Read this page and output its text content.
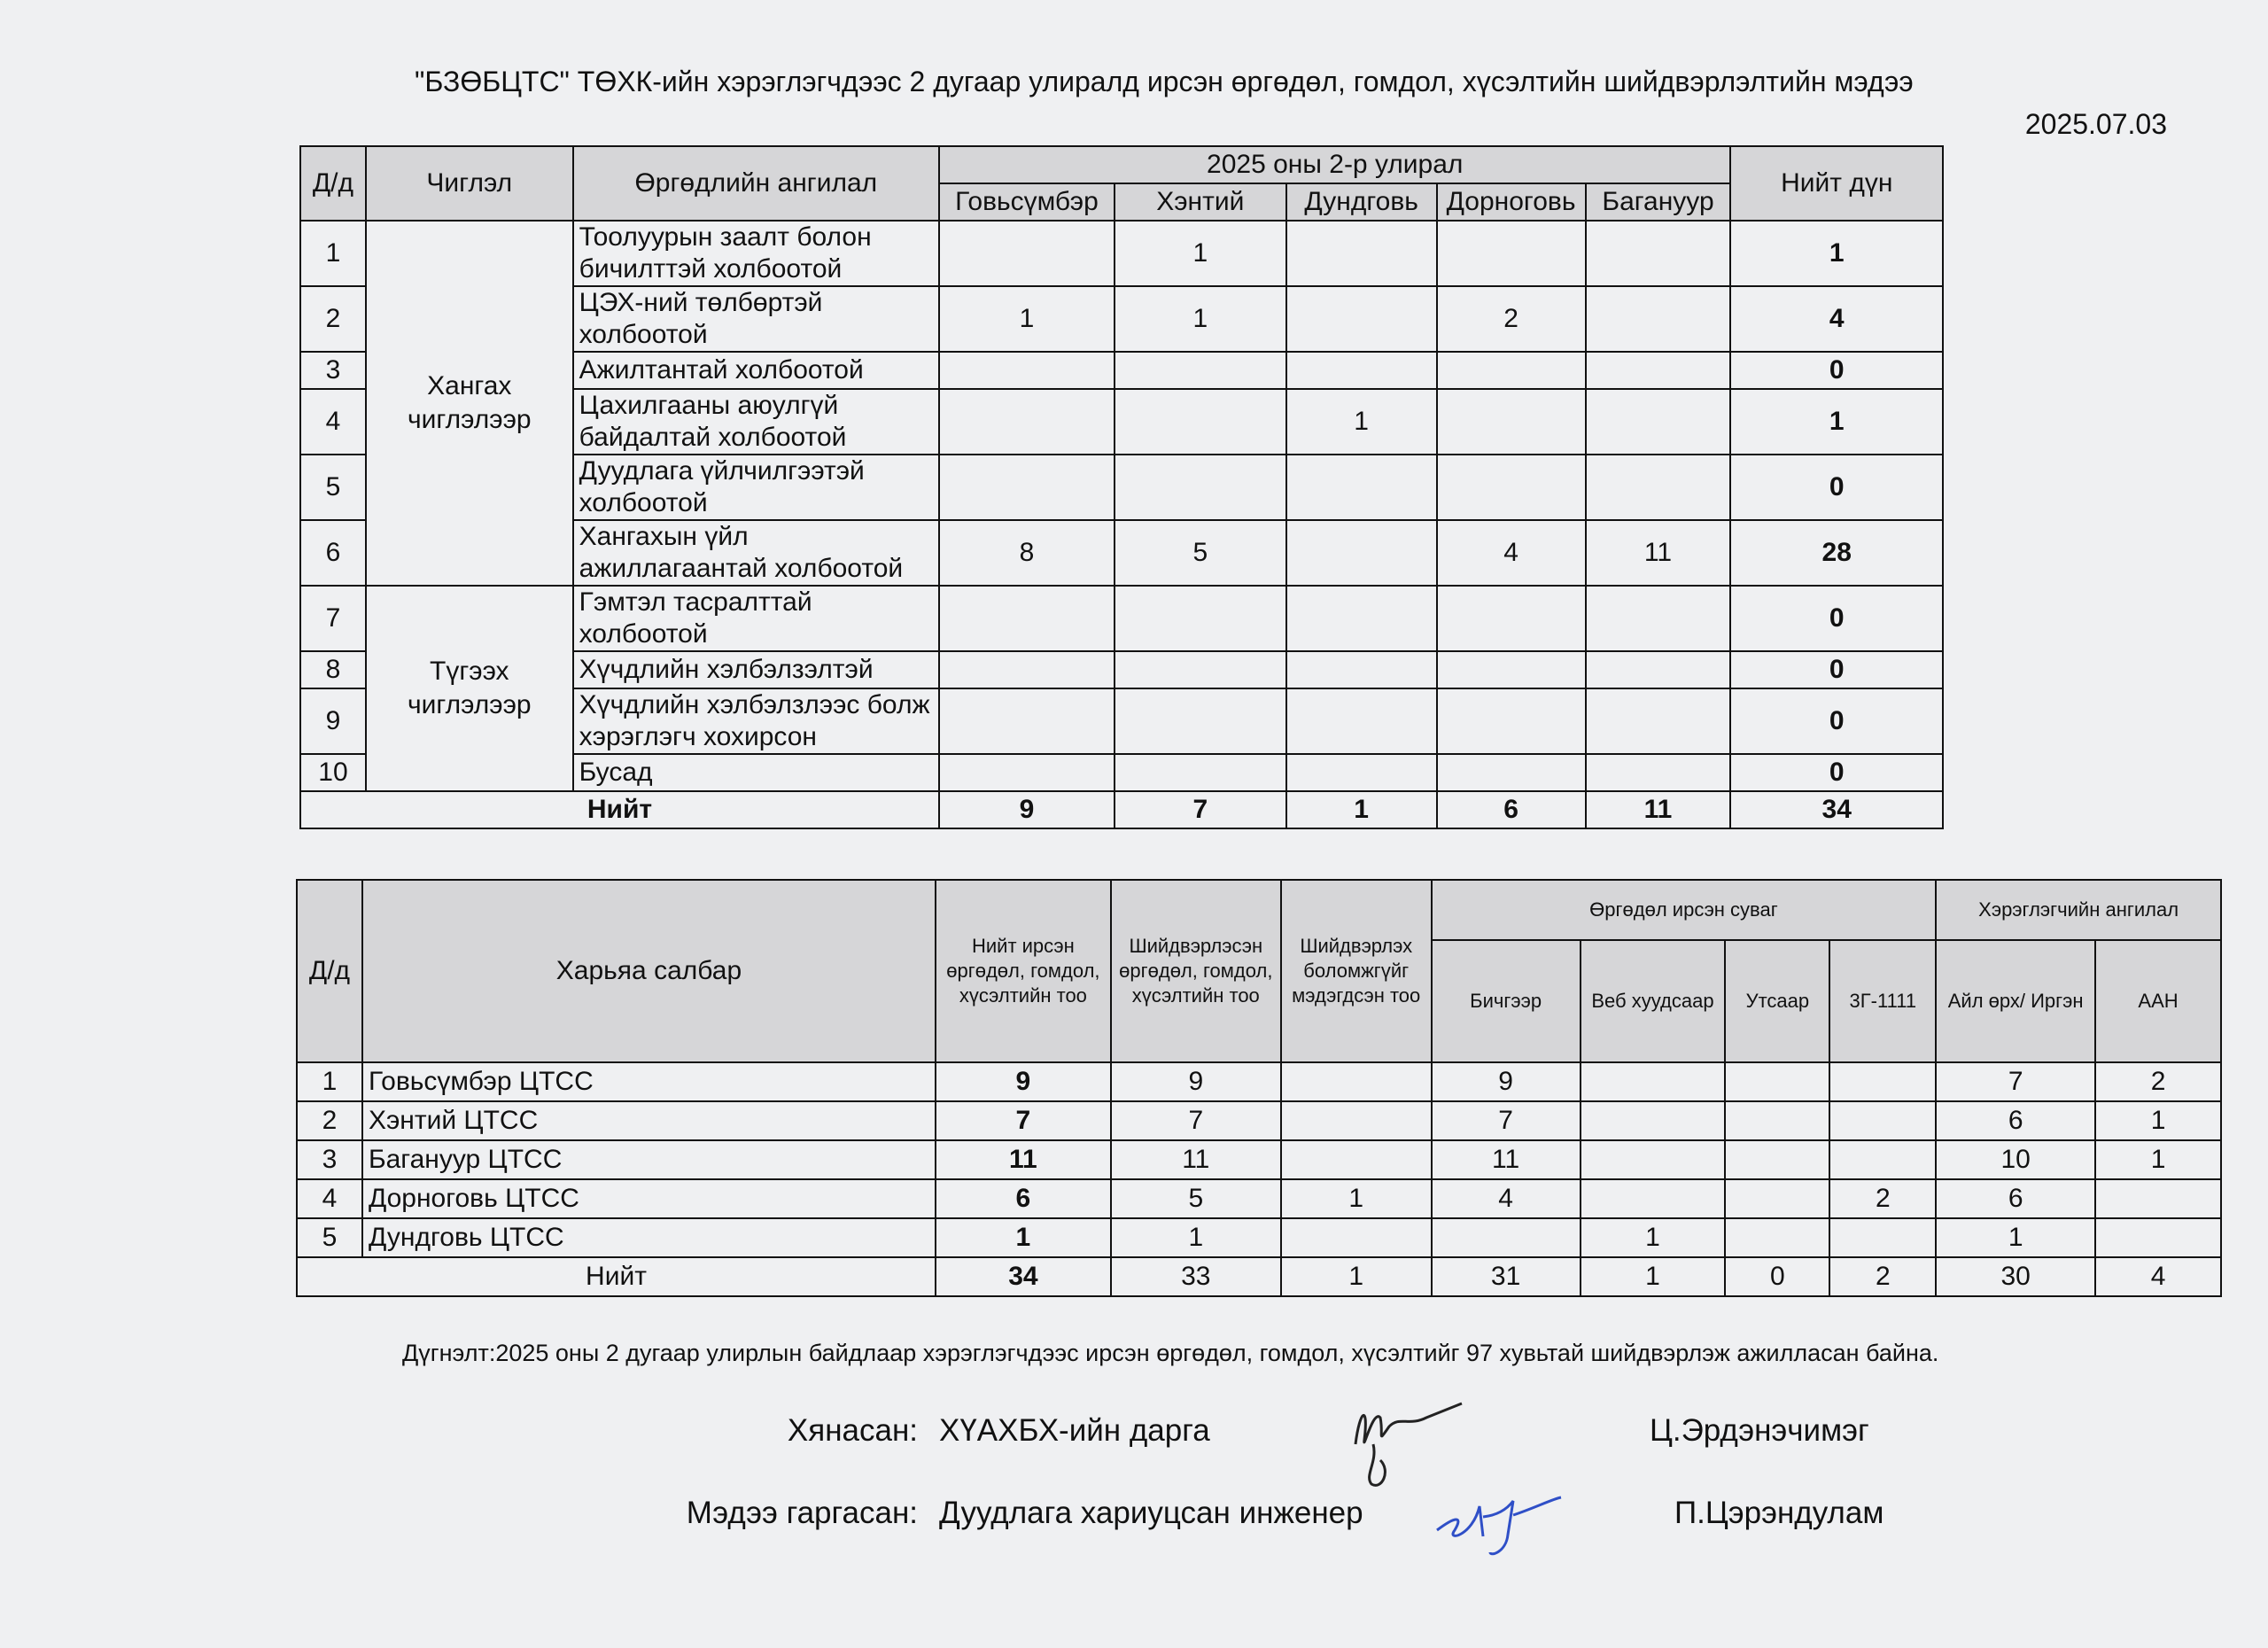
"БЗӨБЦТС" ТӨХК-ийн хэрэглэгчдээс 2 дугаар улиралд ирсэн өргөдөл, гомдол, хүсэлтийн шийдвэрлэлтийн мэдээ
2025.07.03
Д/д	Чиглэл	Өргөдлийн ангилал	2025 оны 2-р улирал					Нийт дүн
			Говьсүмбэр	Хэнтий	Дундговь	Дорноговь	Багануур	
1	Хангах чиглэлээр	Тоолуурын заалт болон бичилттэй холбоотой		1				1
2		ЦЭХ-ний төлбөртэй холбоотой	1	1		2		4
3		Ажилтантай холбоотой						0
4		Цахилгааны аюулгүй байдалтай холбоотой			1			1
5		Дуудлага үйлчилгээтэй холбоотой						0
6		Хангахын үйл ажиллагаантай холбоотой	8	5		4	11	28
7	Түгээх чиглэлээр	Гэмтэл тасралттай холбоотой						0
8		Хүчдлийн хэлбэлзэлтэй						0
9		Хүчдлийн хэлбэлзлээс болж хэрэглэгч хохирсон						0
10		Бусад						0
Нийт			9	7	1	6	11	34
Д/д	Харьяа салбар	Нийт ирсэн өргөдөл, гомдол, хүсэлтийн тоо	Шийдвэрлэсэн өргөдөл, гомдол, хүсэлтийн тоо	Шийдвэрлэх боломжгүйг мэдэгдсэн тоо	Өргөдөл ирсэн суваг				Хэрэглэгчийн ангилал	
					Бичгээр	Веб хуудсаар	Утсаар	3Г-1111	Айл өрх/ Иргэн	ААН
1	Говьсүмбэр ЦТСС	9	9		9				7	2
2	Хэнтий ЦТСС	7	7		7				6	1
3	Багануур ЦТСС	11	11		11				10	1
4	Дорноговь ЦТСС	6	5	1	4			2	6	
5	Дундговь ЦТСС	1	1			1			1	
Нийт		34	33	1	31	1	0	2	30	4
Дүгнэлт:2025 оны 2 дугаар улирлын байдлаар хэрэглэгчдээс ирсэн өргөдөл, гомдол, хүсэлтийг 97 хувьтай шийдвэрлэж ажилласан байна.
Хянасан: ХҮАХБХ-ийн дарга	Ц.Эрдэнэчимэг
Мэдээ гаргасан: Дуудлага хариуцсан инженер	П.Цэрэндулам
